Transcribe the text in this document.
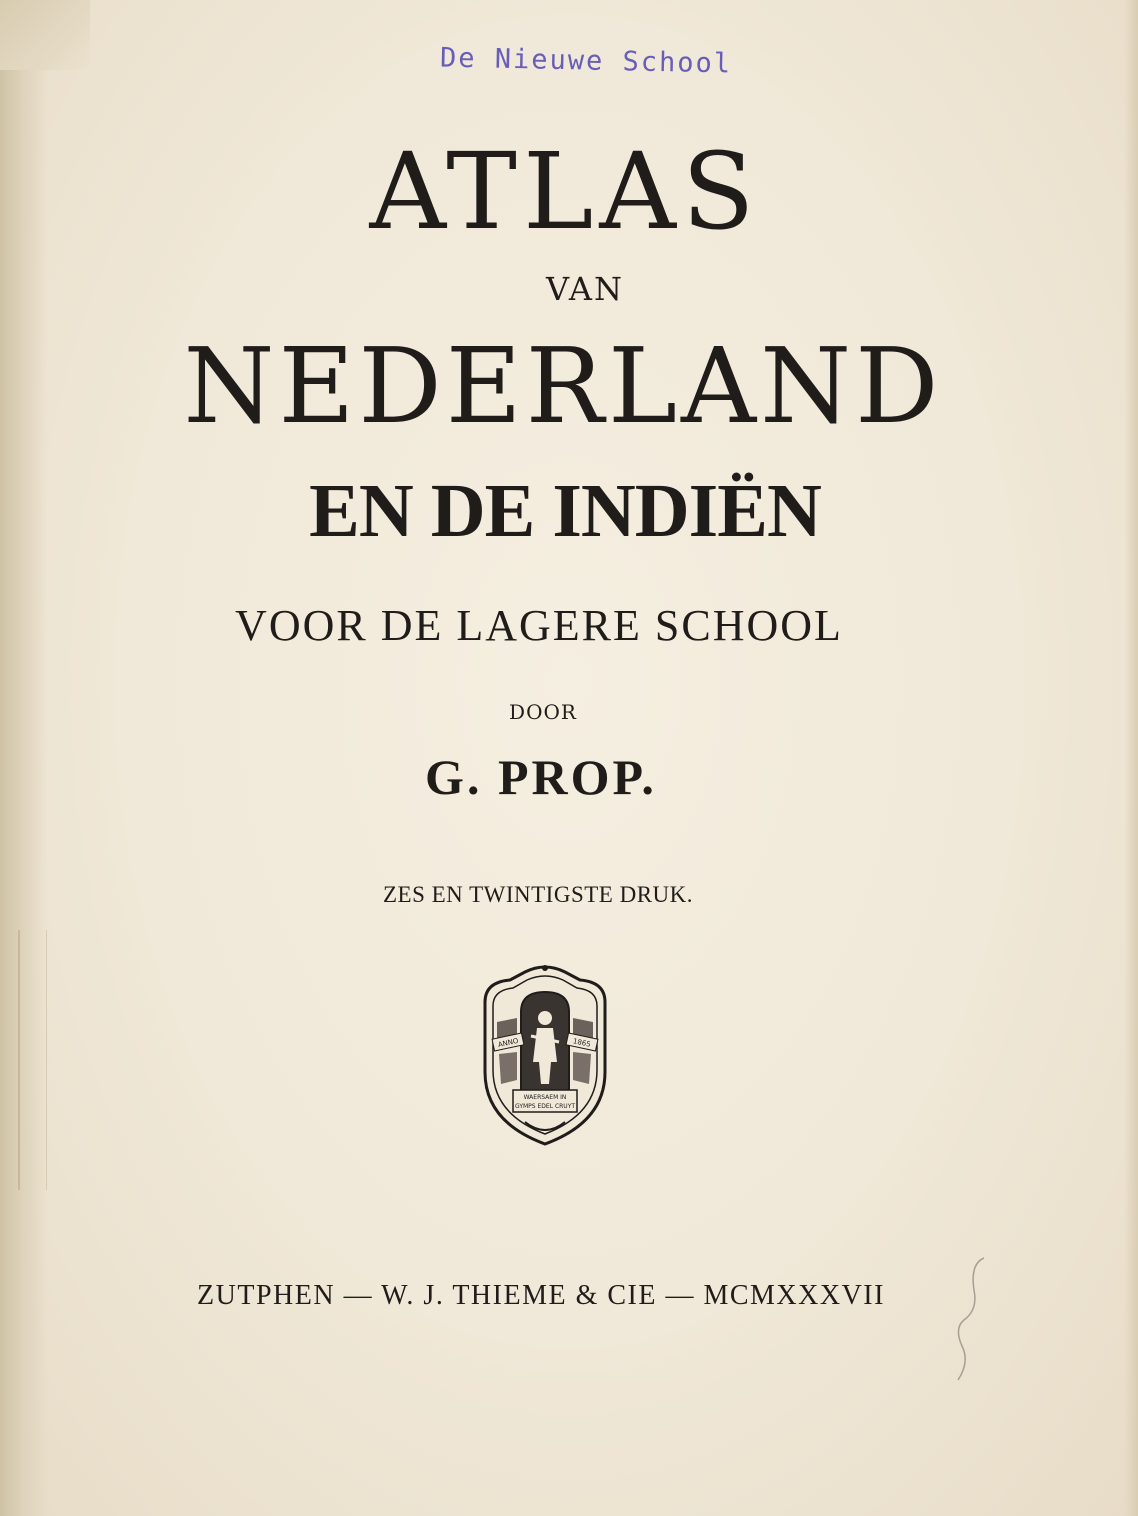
De Nieuwe School
ATLAS
VAN
NEDERLAND
EN DE INDIËN
VOOR DE LAGERE SCHOOL
DOOR
G. PROP.
ZES EN TWINTIGSTE DRUK.
ANNO	1865
WAERSAEM IN
GYMPS EDEL CRUYT
ZUTPHEN — W. J. THIEME & CIE — MCMXXXVII
